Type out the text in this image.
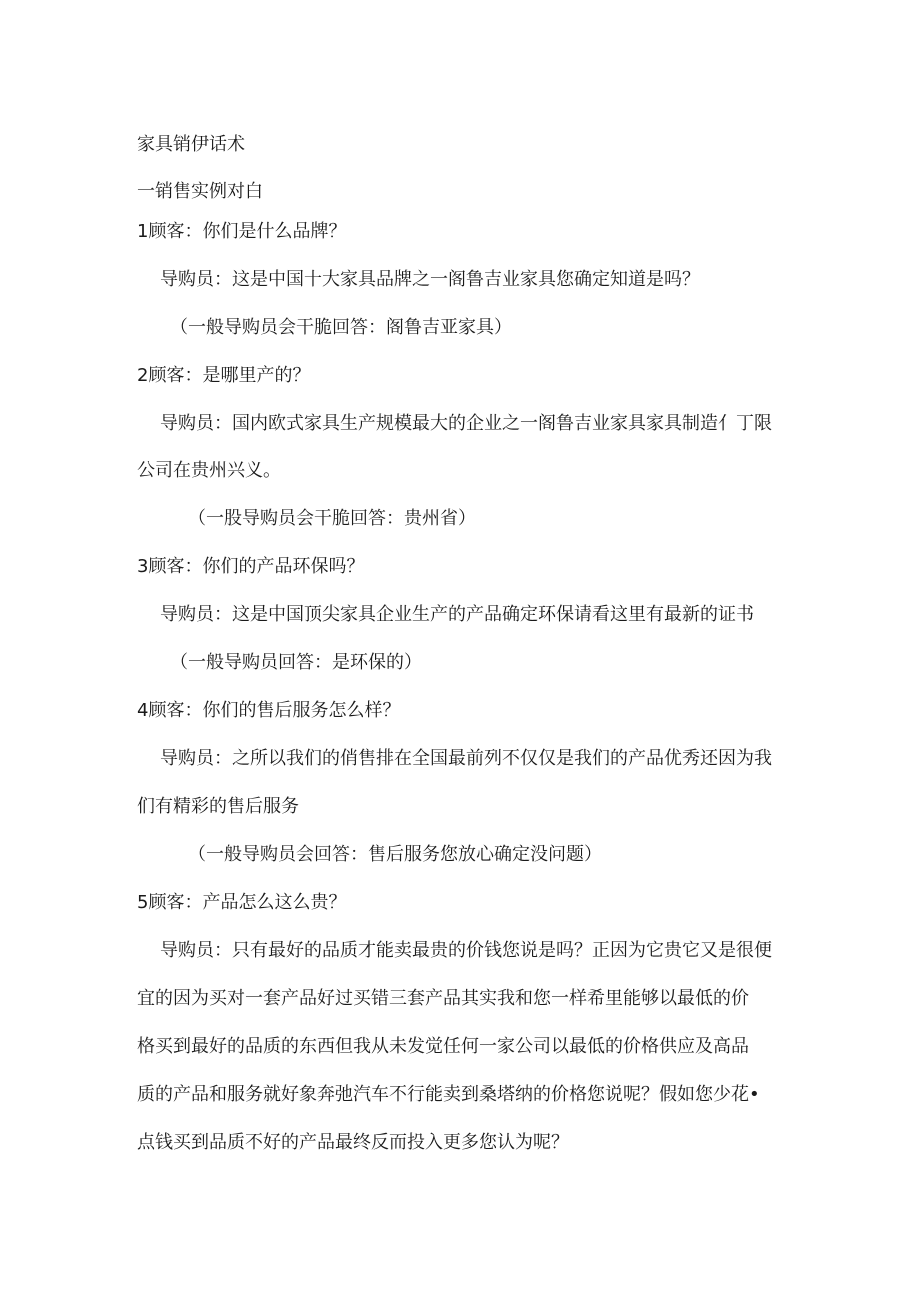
家具销伊话术

一销售实例对白

1顾客：你们是什么品牌？

导购员：这是中国十大家具品牌之一阁鲁吉业家具您确定知道是吗？

（一般导购员会干脆回答：阁鲁吉亚家具）

2顾客：是哪里产的？

导购员：国内欧式家具生产规模最大的企业之一阁鲁吉业家具家具制造亻丁限

公司在贵州兴义。

（一股导购员会干脆回答：贵州省）

3顾客：你们的产品环保吗？

导购员：这是中国顶尖家具企业生产的产品确定环保请看这里有最新的证书

（一般导购员回答：是环保的）

4顾客：你们的售后服务怎么样？

导购员：之所以我们的俏售排在全国最前列不仅仅是我们的产品优秀还因为我

们有精彩的售后服务

（一般导购员会回答：售后服务您放心确定没问题）

5顾客：产品怎么这么贵？

导购员：只有最好的品质才能卖最贵的价钱您说是吗？正因为它贵它又是很便

宜的因为买对一套产品好过买错三套产品其实我和您一样希里能够以最低的价

格买到最好的品质的东西但我从未发觉任何一家公司以最低的价格供应及高品

质的产品和服务就好象奔弛汽车不行能卖到桑塔纳的价格您说呢？假如您少花•

点钱买到品质不好的产品最终反而投入更多您认为呢？
